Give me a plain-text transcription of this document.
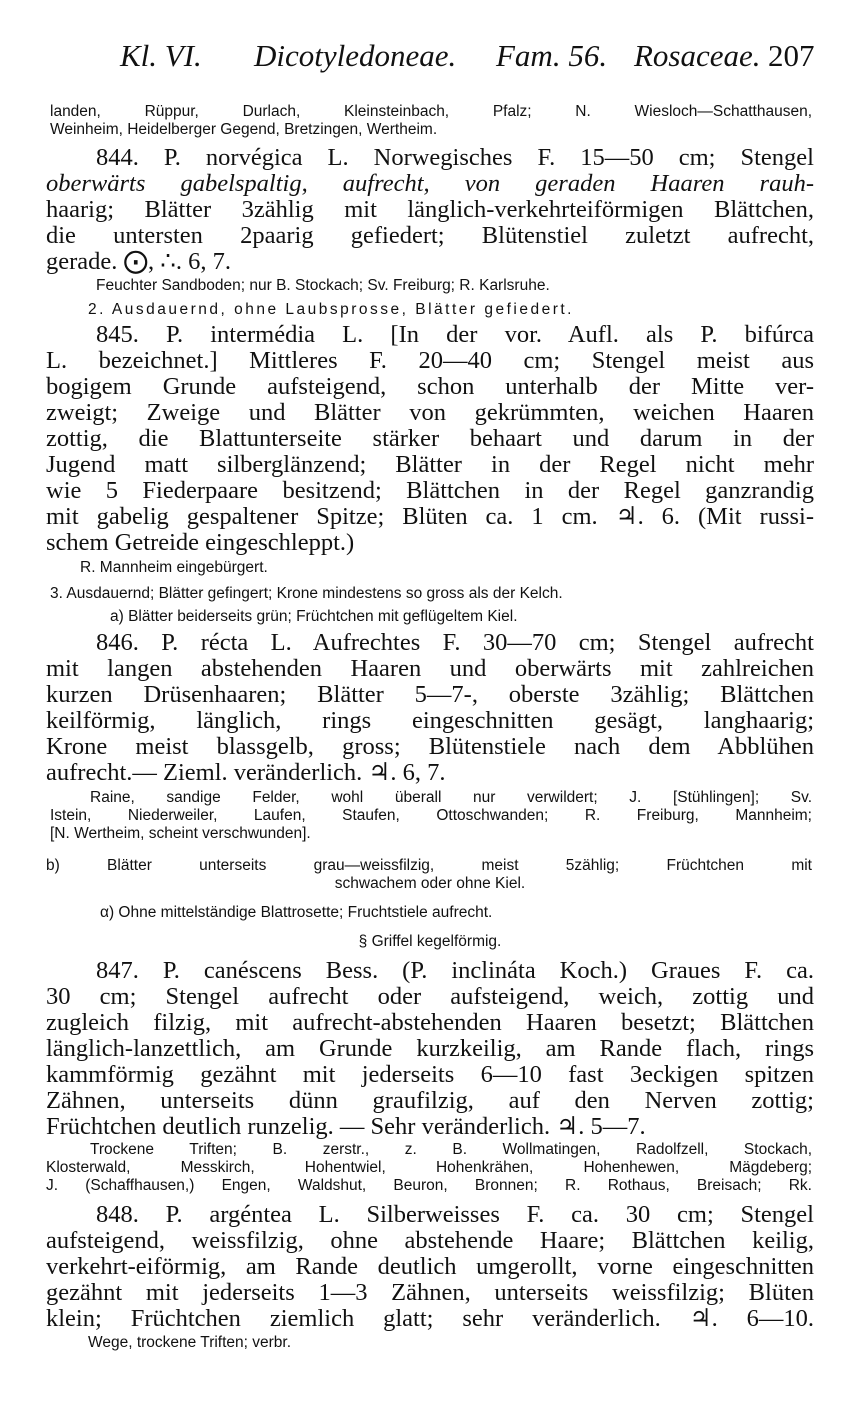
Kl. VI. Dicotyledoneae. Fam. 56. Rosaceae. 207
landen, Rüppur, Durlach, Kleinsteinbach, Pfalz; N. Wiesloch—Schatthausen,
Weinheim, Heidelberger Gegend, Bretzingen, Wertheim.
844. P. norvégica L. Norwegisches F. 15—50 cm; Stengel
oberwärts gabelspaltig, aufrecht, von geraden Haaren rauh-
haarig; Blätter 3zählig mit länglich-verkehrteiförmigen Blättchen,
die untersten 2paarig gefiedert; Blütenstiel zuletzt aufrecht,
gerade. ⨀, ∴. 6, 7.
Feuchter Sandboden; nur B. Stockach; Sv. Freiburg; R. Karlsruhe.
2. Ausdauernd, ohne Laubsprosse, Blätter gefiedert.
845. P. intermédia L. [In der vor. Aufl. als P. bifúrca
L. bezeichnet.] Mittleres F. 20—40 cm; Stengel meist aus
bogigem Grunde aufsteigend, schon unterhalb der Mitte ver-
zweigt; Zweige und Blätter von gekrümmten, weichen Haaren
zottig, die Blattunterseite stärker behaart und darum in der
Jugend matt silberglänzend; Blätter in der Regel nicht mehr
wie 5 Fiederpaare besitzend; Blättchen in der Regel ganzrandig
mit gabelig gespaltener Spitze; Blüten ca. 1 cm. ♃. 6. (Mit russi-
schem Getreide eingeschleppt.)
R. Mannheim eingebürgert.
3. Ausdauernd; Blätter gefingert; Krone mindestens so gross als der Kelch.
a) Blätter beiderseits grün; Früchtchen mit geflügeltem Kiel.
846. P. récta L. Aufrechtes F. 30—70 cm; Stengel aufrecht
mit langen abstehenden Haaren und oberwärts mit zahlreichen
kurzen Drüsenhaaren; Blätter 5—7-, oberste 3zählig; Blättchen
keilförmig, länglich, rings eingeschnitten gesägt, langhaarig;
Krone meist blassgelb, gross; Blütenstiele nach dem Abblühen
aufrecht.— Zieml. veränderlich. ♃. 6, 7.
Raine, sandige Felder, wohl überall nur verwildert; J. [Stühlingen]; Sv.
Istein, Niederweiler, Laufen, Staufen, Ottoschwanden; R. Freiburg, Mannheim;
[N. Wertheim, scheint verschwunden].
b) Blätter unterseits grau—weissfilzig, meist 5zählig; Früchtchen mit
schwachem oder ohne Kiel.
α) Ohne mittelständige Blattrosette; Fruchtstiele aufrecht.
§ Griffel kegelförmig.
847. P. canéscens Bess. (P. inclináta Koch.) Graues F. ca.
30 cm; Stengel aufrecht oder aufsteigend, weich, zottig und
zugleich filzig, mit aufrecht-abstehenden Haaren besetzt; Blättchen
länglich-lanzettlich, am Grunde kurzkeilig, am Rande flach, rings
kammförmig gezähnt mit jederseits 6—10 fast 3eckigen spitzen
Zähnen, unterseits dünn graufilzig, auf den Nerven zottig;
Früchtchen deutlich runzelig. — Sehr veränderlich. ♃. 5—7.
Trockene Triften; B. zerstr., z. B. Wollmatingen, Radolfzell, Stockach,
Klosterwald, Messkirch, Hohentwiel, Hohenkrähen, Hohenhewen, Mägdeberg;
J. (Schaffhausen,) Engen, Waldshut, Beuron, Bronnen; R. Rothaus, Breisach; Rk.
848. P. argéntea L. Silberweisses F. ca. 30 cm; Stengel
aufsteigend, weissfilzig, ohne abstehende Haare; Blättchen keilig,
verkehrt-eiförmig, am Rande deutlich umgerollt, vorne eingeschnitten
gezähnt mit jederseits 1—3 Zähnen, unterseits weissfilzig; Blüten
klein; Früchtchen ziemlich glatt; sehr veränderlich. ♃. 6—10.
Wege, trockene Triften; verbr.
